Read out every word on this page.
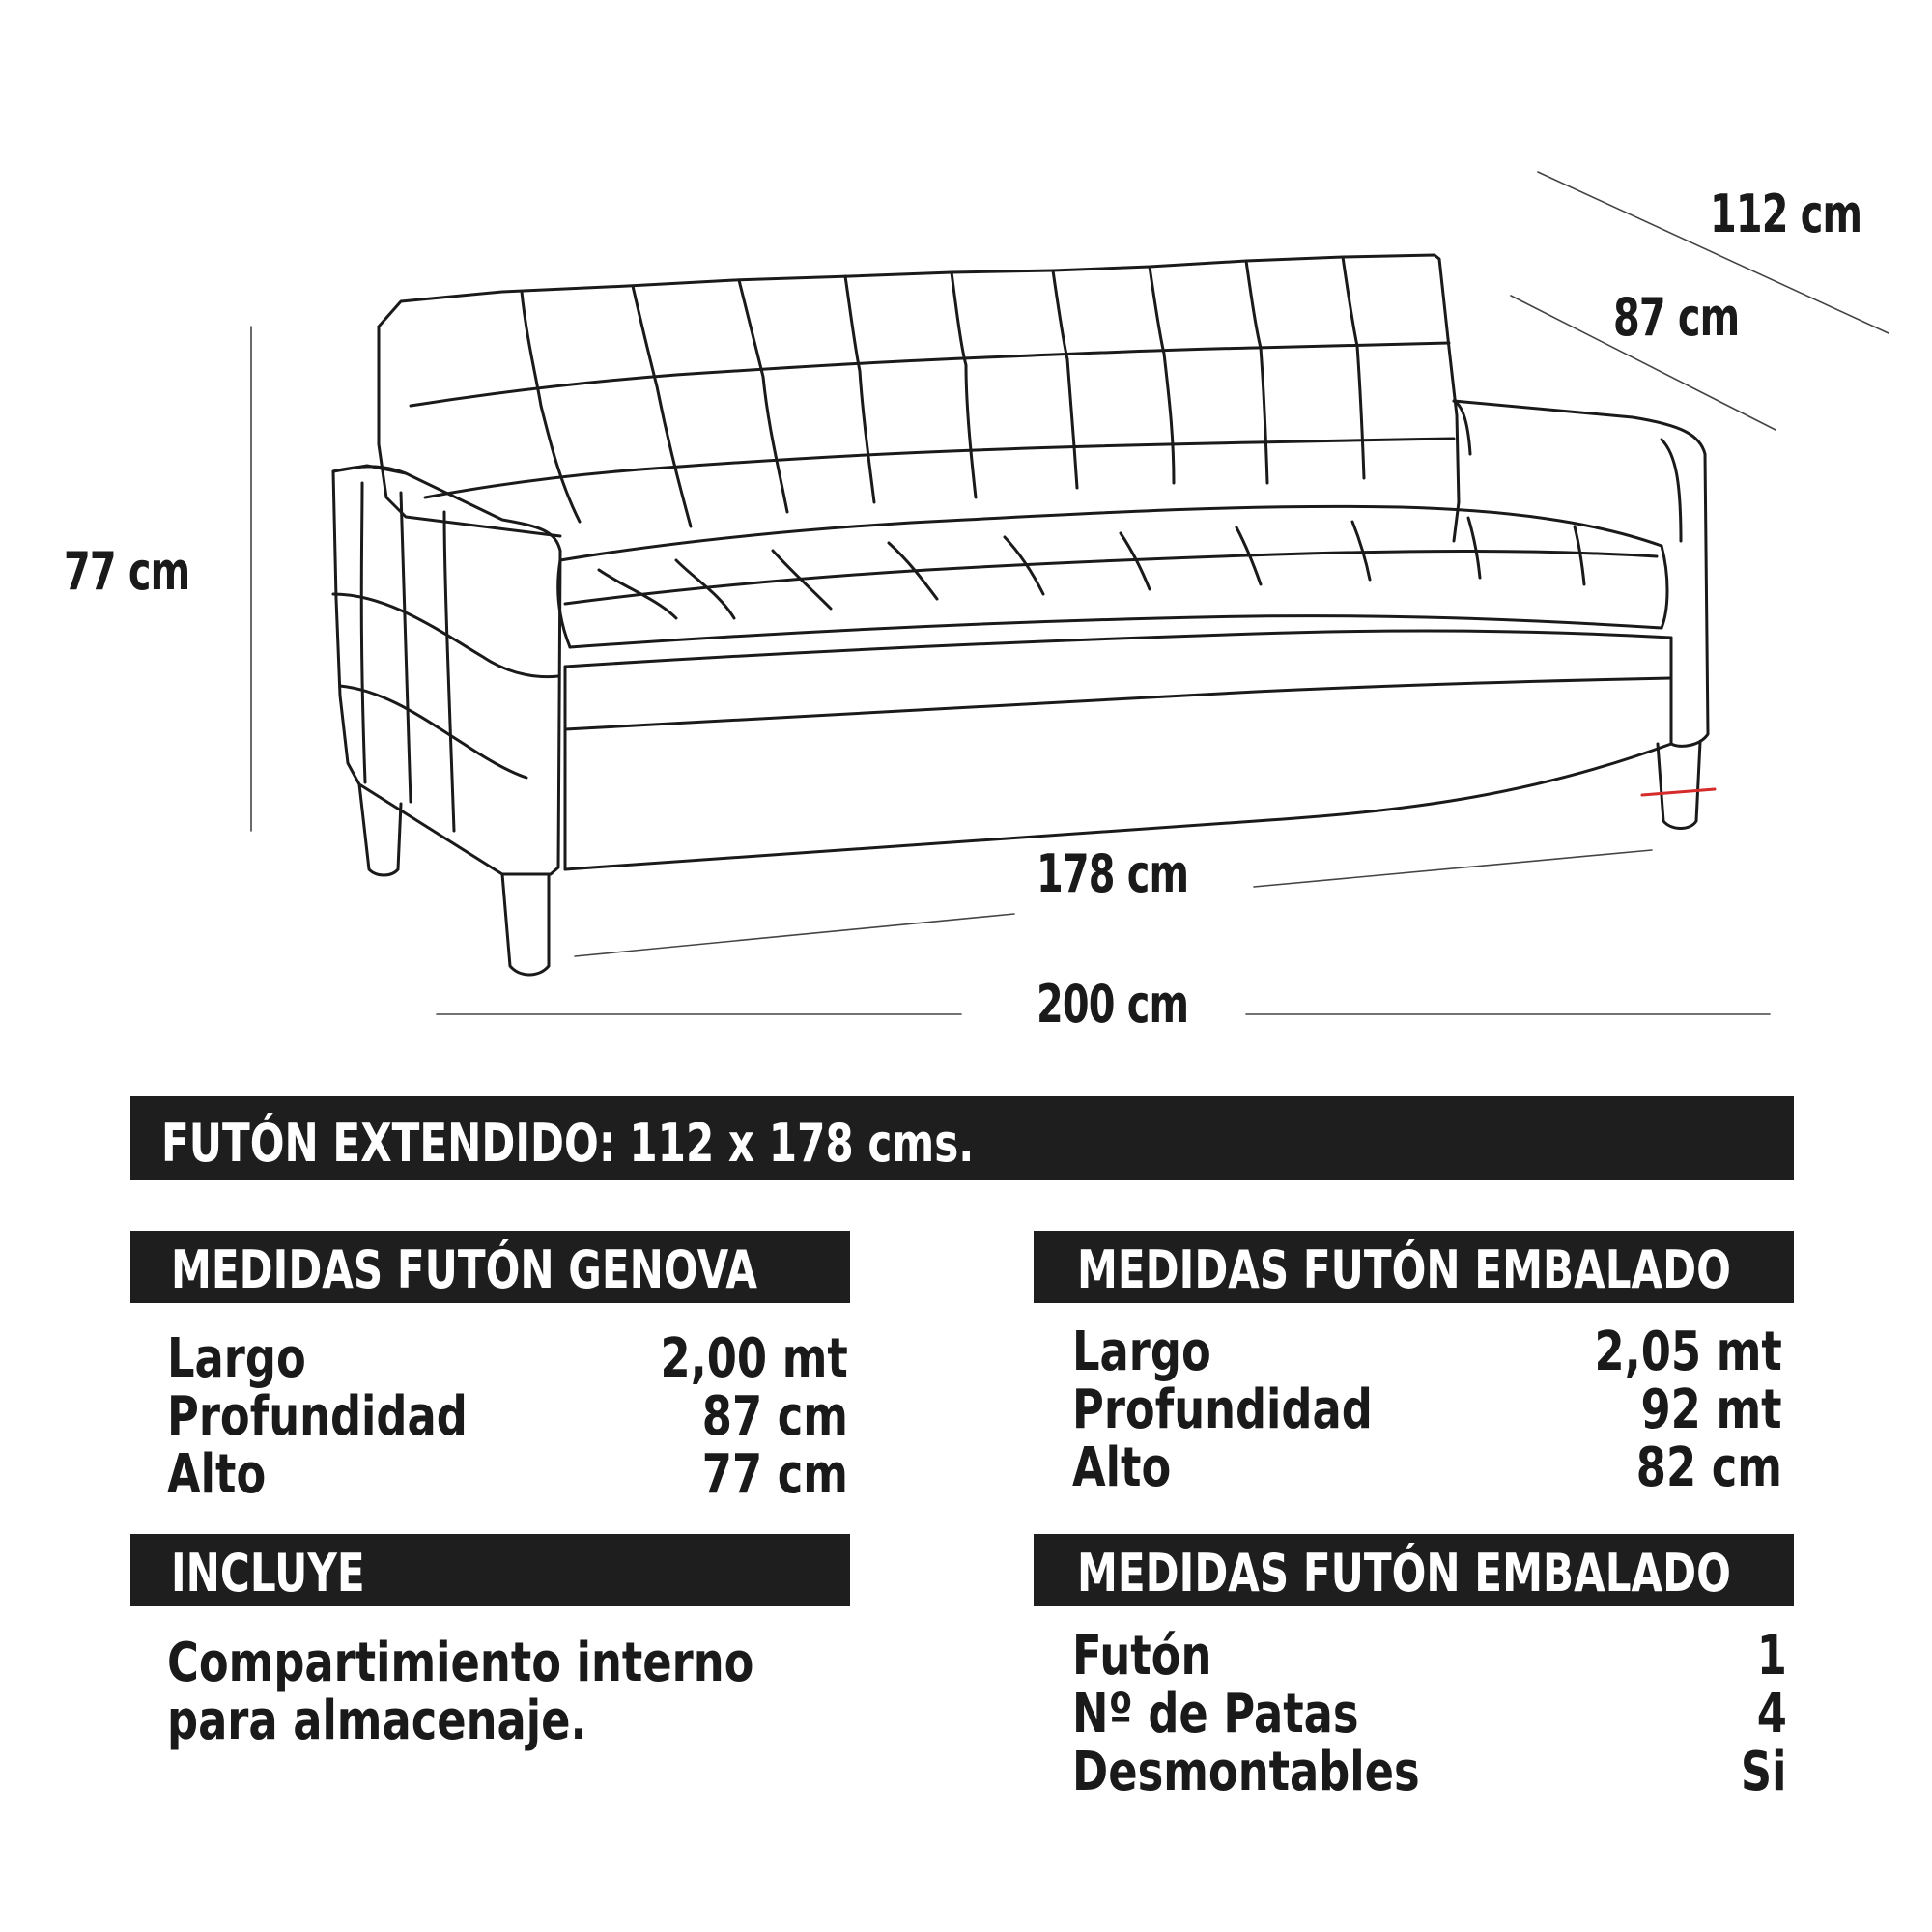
112 cm
87 cm
77 cm
178 cm
200 cm
FUTÓN EXTENDIDO: 112 x 178 cms.
MEDIDAS FUTÓN GENOVA
Largo	2,00 mt
Profundidad	87 cm
Alto	77 cm
MEDIDAS FUTÓN EMBALADO
Largo	2,05 mt
Profundidad	92 mt
Alto	82 cm
INCLUYE
Compartimiento interno para almacenaje.
MEDIDAS FUTÓN EMBALADO
Futón	1
Nº de Patas	4
Desmontables	Si
